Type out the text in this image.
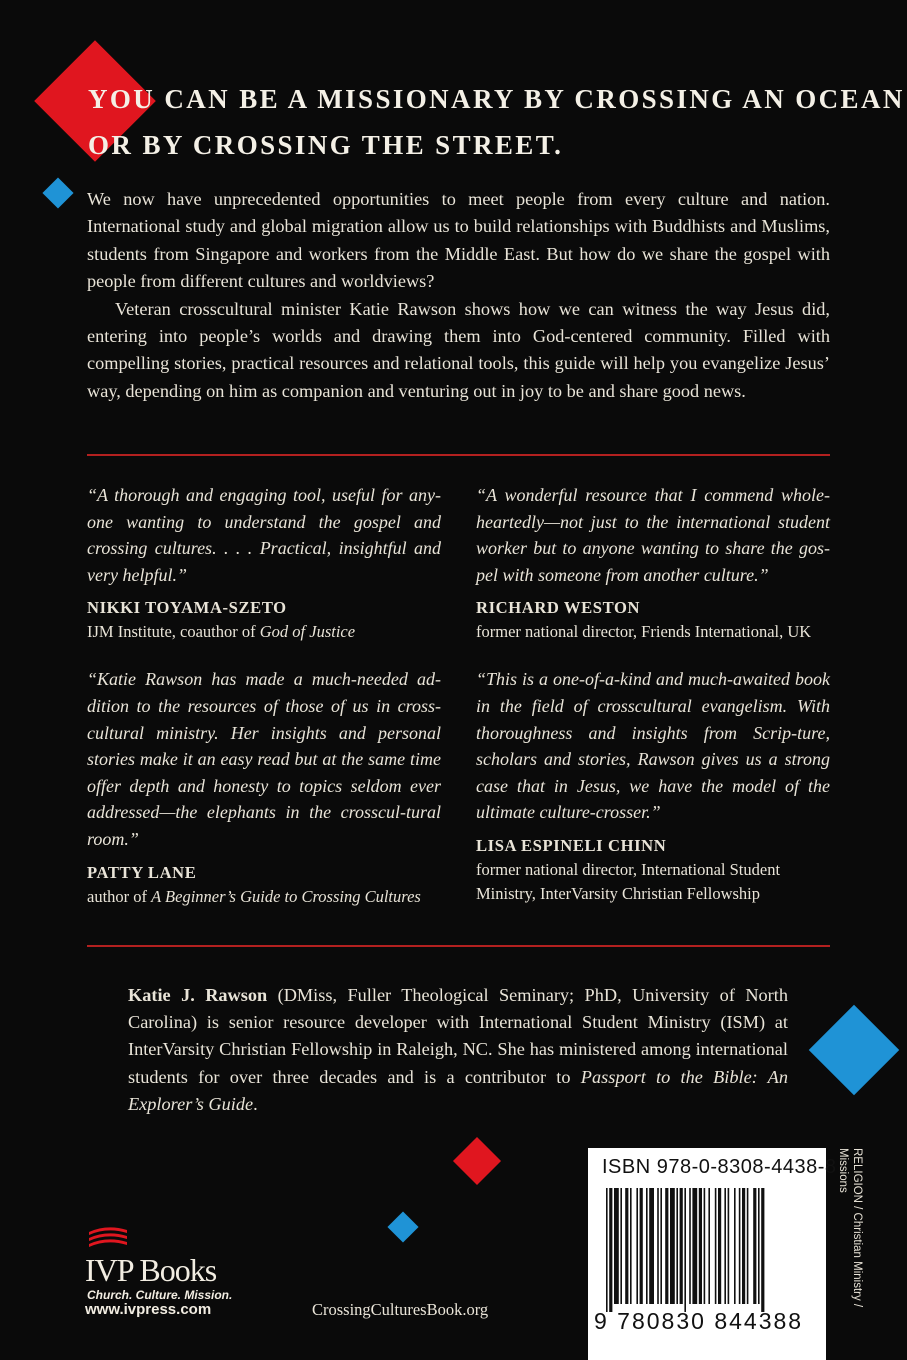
YOU CAN BE A MISSIONARY BY CROSSING AN OCEAN
OR BY CROSSING THE STREET.

We now have unprecedented opportunities to meet people from every culture and nation. International study and global migration allow us to build relationships with Buddhists and Muslims, students from Singapore and workers from the Middle East. But how do we share the gospel with people from different cultures and worldviews?

Veteran crosscultural minister Katie Rawson shows how we can witness the way Jesus did, entering into people’s worlds and drawing them into God-centered community. Filled with compelling stories, practical resources and relational tools, this guide will help you evangelize Jesus’ way, depending on him as companion and venturing out in joy to be and share good news.

“A thorough and engaging tool, useful for any-one wanting to understand the gospel and crossing cultures. . . . Practical, insightful and very helpful.”

NIKKI TOYAMA-SZETO
IJM Institute, coauthor of God of Justice

“Katie Rawson has made a much-needed ad-dition to the resources of those of us in cross-cultural ministry. Her insights and personal stories make it an easy read but at the same time offer depth and honesty to topics seldom ever addressed—the elephants in the crosscul-tural room.”

PATTY LANE
author of A Beginner’s Guide to Crossing Cultures

“A wonderful resource that I commend whole-heartedly—not just to the international student worker but to anyone wanting to share the gos-pel with someone from another culture.”

RICHARD WESTON
former national director, Friends International, UK

“This is a one-of-a-kind and much-awaited book in the field of crosscultural evangelism. With thoroughness and insights from Scrip-ture, scholars and stories, Rawson gives us a strong case that in Jesus, we have the model of the ultimate culture-crosser.”

LISA ESPINELI CHINN
former national director, International Student Ministry, InterVarsity Christian Fellowship
Katie J. Rawson (DMiss, Fuller Theological Seminary; PhD, University of North Carolina) is senior resource developer with International Student Ministry (ISM) at InterVarsity Christian Fellowship in Raleigh, NC. She has ministered among international students for over three decades and is a contributor to Passport to the Bible: An Explorer’s Guide.
ISBN 978-0-8308-4438-8
9 780830 844388
RELIGION / Christian Ministry / Missions
IVP Books
Church. Culture. Mission.
www.ivpress.com	CrossingCulturesBook.org
